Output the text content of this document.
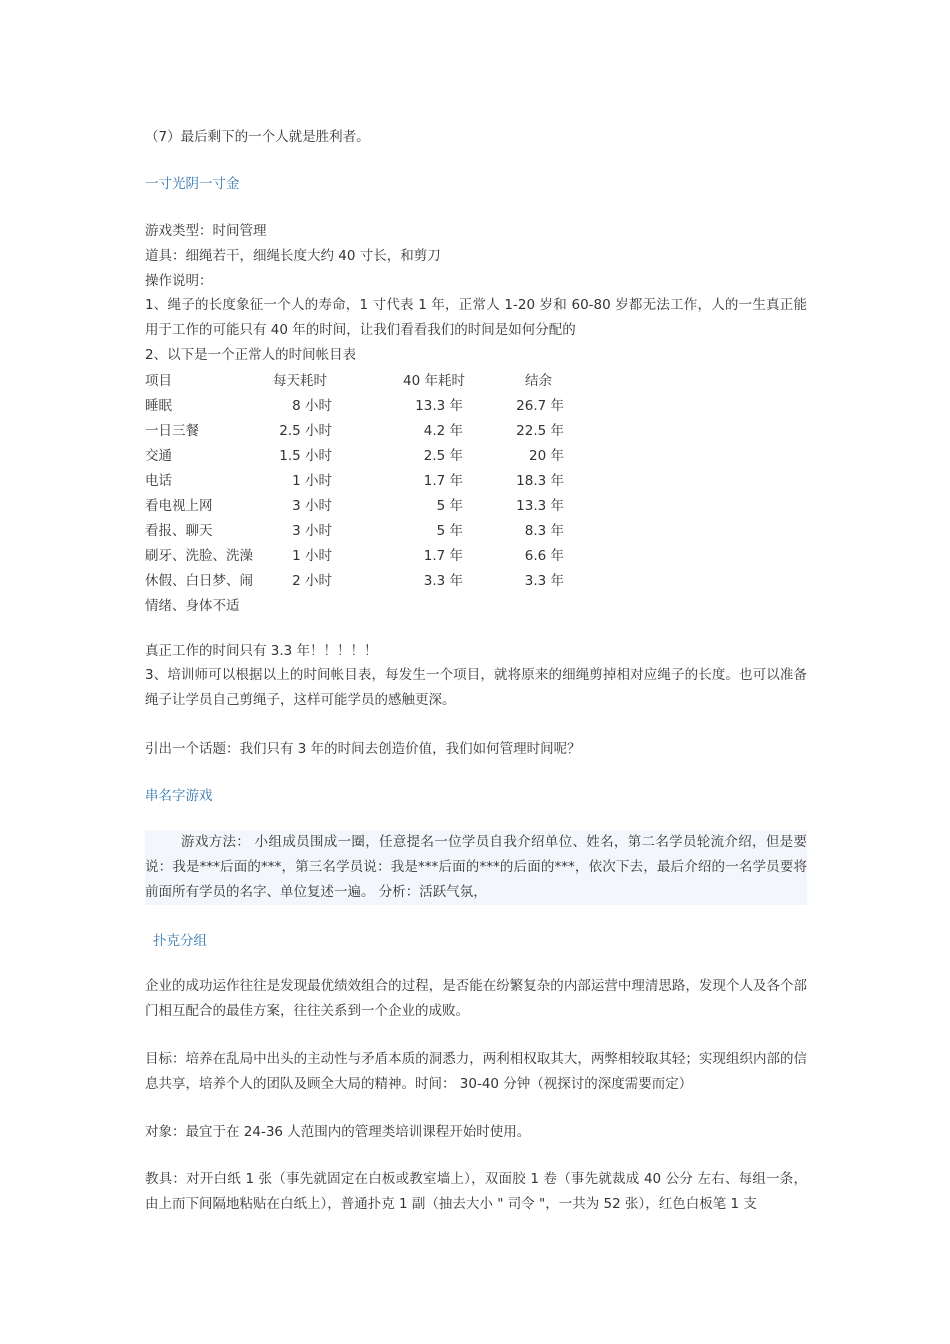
（7）最后剩下的一个人就是胜利者。
一寸光阴一寸金
游戏类型：时间管理
道具：细绳若干，细绳长度大约 40 寸长，和剪刀
操作说明：
1、绳子的长度象征一个人的寿命，1 寸代表 1 年，正常人 1-20 岁和 60-80 岁都无法工作，人的一生真正能用于工作的可能只有 40 年的时间，让我们看看我们的时间是如何分配的
2、以下是一个正常人的时间帐目表
项目	每天耗时	40 年耗时	结余
睡眠	8 小时	13.3 年	26.7 年
一日三餐	2.5 小时	4.2 年	22.5 年
交通	1.5 小时	2.5 年	20 年
电话	1 小时	1.7 年	18.3 年
看电视上网	3 小时	5 年	13.3 年
看报、聊天	3 小时	5 年	8.3 年
刷牙、洗脸、洗澡	1 小时	1.7 年	6.6 年
休假、白日梦、闹	2 小时	3.3 年	3.3 年
情绪、身体不适
真正工作的时间只有 3.3 年！！！！！
3、培训师可以根据以上的时间帐目表，每发生一个项目，就将原来的细绳剪掉相对应绳子的长度。也可以准备绳子让学员自己剪绳子，这样可能学员的感触更深。
引出一个话题：我们只有 3 年的时间去创造价值，我们如何管理时间呢？
串名字游戏
游戏方法： 小组成员围成一圈，任意提名一位学员自我介绍单位、姓名，第二名学员轮流介绍，但是要说：我是***后面的***，第三名学员说：我是***后面的***的后面的***，依次下去，最后介绍的一名学员要将前面所有学员的名字、单位复述一遍。 分析：活跃气氛，
扑克分组
企业的成功运作往往是发现最优绩效组合的过程，是否能在纷繁复杂的内部运营中理清思路，发现个人及各个部门相互配合的最佳方案，往往关系到一个企业的成败。
目标：培养在乱局中出头的主动性与矛盾本质的洞悉力，两利相权取其大，两弊相较取其轻；实现组织内部的信息共享，培养个人的团队及顾全大局的精神。时间： 30-40 分钟（视探讨的深度需要而定）
对象：最宜于在 24-36 人范围内的管理类培训课程开始时使用。
教具：对开白纸 1 张（事先就固定在白板或教室墙上），双面胶 1 卷（事先就裁成 40 公分 左右、每组一条，由上而下间隔地粘贴在白纸上），普通扑克 1 副（抽去大小 " 司令 "，一共为 52 张），红色白板笔 1 支
